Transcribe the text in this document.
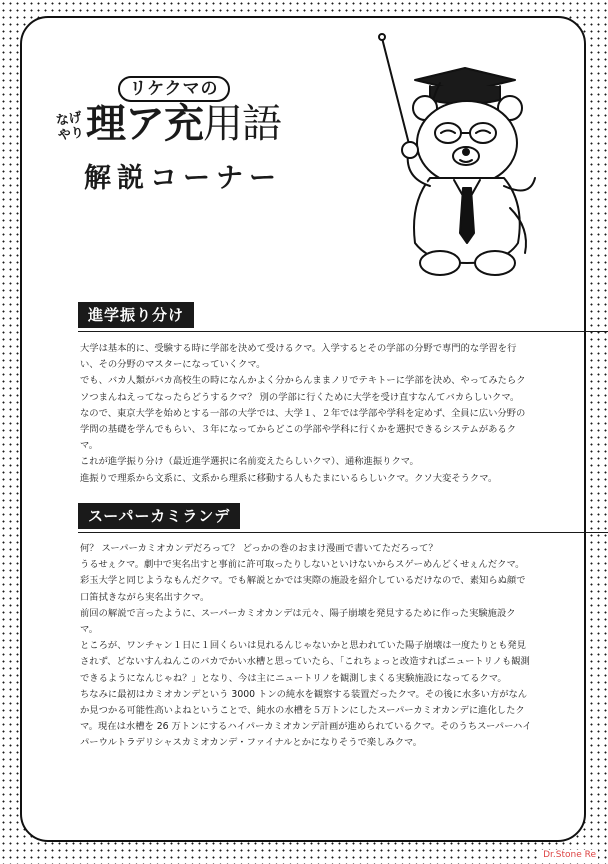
リケクマの
なげやり 理ア充用語
解説コーナー
進学振り分け

大学は基本的に、受験する時に学部を決めて受けるクマ。入学するとその学部の分野で専門的な学習を行い、その分野のマスターになっていくクマ。

でも、バカ人類がバカ高校生の時になんかよく分からんままノリでテキトーに学部を決め、やってみたらクソつまんねえってなったらどうするクマ？ 別の学部に行くために大学を受け直すなんてバカらしいクマ。

なので、東京大学を始めとする一部の大学では、大学１、２年では学部や学科を定めず、全員に広い分野の学問の基礎を学んでもらい、３年になってからどこの学部や学科に行くかを選択できるシステムがあるクマ。

これが進学振り分け（最近進学選択に名前変えたらしいクマ）、通称進振りクマ。

進振りで理系から文系に、文系から理系に移動する人もたまにいるらしいクマ。クソ大変そうクマ。

スーパーカミランデ

何？ スーパーカミオカンデだろって？ どっかの巻のおまけ漫画で書いてただろって？

うるせぇクマ。劇中で実名出すと事前に許可取ったりしないといけないからスゲーめんどくせぇんだクマ。

彩玉大学と同じようなもんだクマ。でも解説とかでは実際の施設を紹介しているだけなので、素知らぬ顔で口笛拭きながら実名出すクマ。

前回の解説で言ったように、スーパーカミオカンデは元々、陽子崩壊を発見するために作った実験施設クマ。

ところが、ワンチャン１日に１回くらいは見れるんじゃないかと思われていた陽子崩壊は一度たりとも発見されず、どないすんねんこのバカでかい水槽と思っていたら、「これちょっと改造すればニュートリノも観測できるようになんじゃね？」となり、今は主にニュートリノを観測しまくる実験施設になってるクマ。

ちなみに最初はカミオカンデという 3000 トンの純水を観察する装置だったクマ。その後に水多い方がなんか見つかる可能性高いよねということで、純水の水槽を５万トンにしたスーパーカミオカンデに進化したクマ。現在は水槽を 26 万トンにするハイパーカミオカンデ計画が進められているクマ。そのうちスーパーハイパーウルトラデリシャスカミオカンデ・ファイナルとかになりそうで楽しみクマ。

Dr.Stone Re
